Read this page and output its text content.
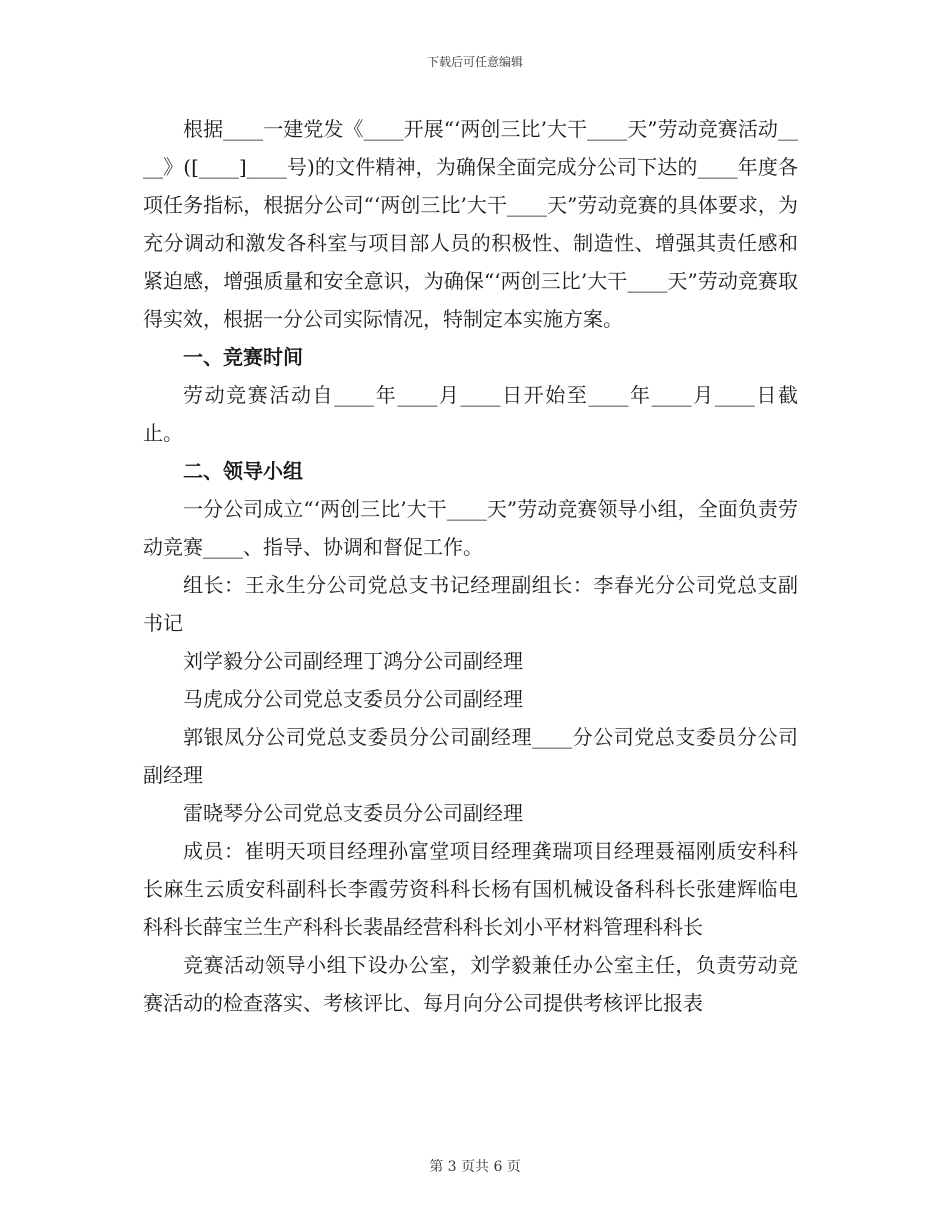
下载后可任意编辑

根据____一建党发《____开展“‘两创三比’大干____天”劳动竞赛活动____》([____]____号)的文件精神，为确保全面完成分公司下达的____年度各项任务指标，根据分公司“‘两创三比’大干____天”劳动竞赛的具体要求，为充分调动和激发各科室与项目部人员的积极性、制造性、增强其责任感和紧迫感，增强质量和安全意识，为确保“‘两创三比’大干____天”劳动竞赛取得实效，根据一分公司实际情况，特制定本实施方案。

一、竞赛时间

劳动竞赛活动自____年____月____日开始至____年____月____日截止。

二、领导小组

一分公司成立“‘两创三比’大干____天”劳动竞赛领导小组，全面负责劳动竞赛____、指导、协调和督促工作。

组长：王永生分公司党总支书记经理副组长：李春光分公司党总支副书记

刘学毅分公司副经理丁鸿分公司副经理

马虎成分公司党总支委员分公司副经理

郭银凤分公司党总支委员分公司副经理____分公司党总支委员分公司副经理

雷晓琴分公司党总支委员分公司副经理

成员：崔明天项目经理孙富堂项目经理龚瑞项目经理聂福刚质安科科长麻生云质安科副科长李霞劳资科科长杨有国机械设备科科长张建辉临电科科长薛宝兰生产科科长裴晶经营科科长刘小平材料管理科科长

竞赛活动领导小组下设办公室，刘学毅兼任办公室主任，负责劳动竞赛活动的检查落实、考核评比、每月向分公司提供考核评比报表

第 3 页共 6 页
